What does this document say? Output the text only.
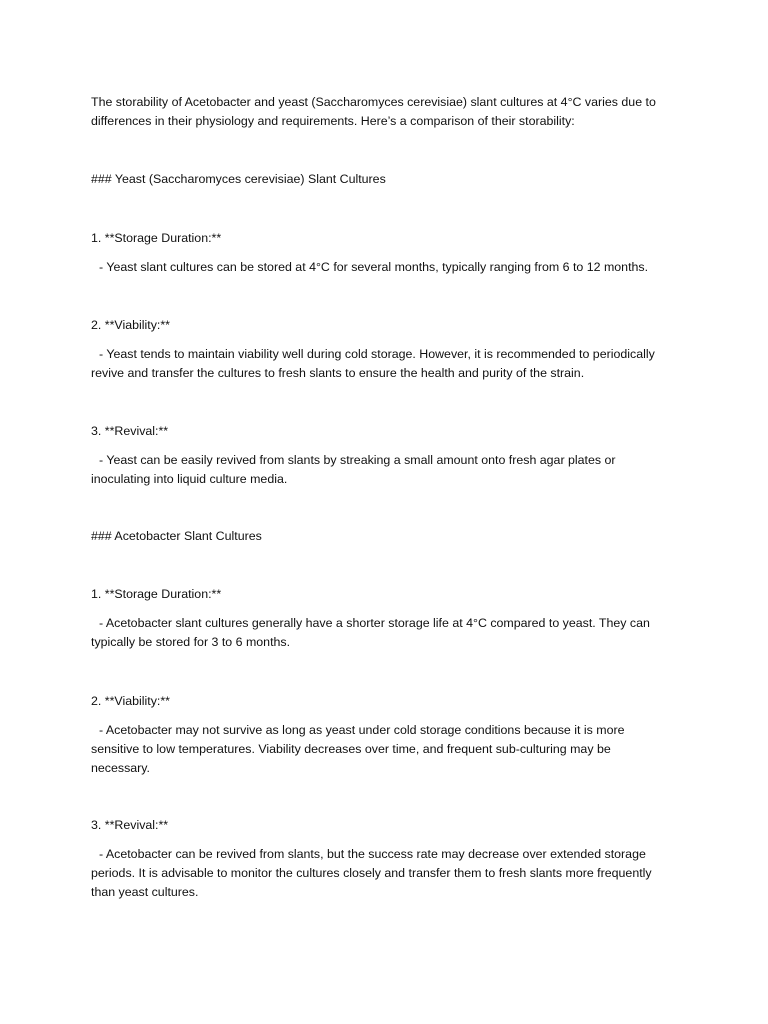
The storability of Acetobacter and yeast (Saccharomyces cerevisiae) slant cultures at 4°C varies due to
differences in their physiology and requirements. Here’s a comparison of their storability:
### Yeast (Saccharomyces cerevisiae) Slant Cultures
1. **Storage Duration:**
- Yeast slant cultures can be stored at 4°C for several months, typically ranging from 6 to 12 months.
2. **Viability:**
- Yeast tends to maintain viability well during cold storage. However, it is recommended to periodically
revive and transfer the cultures to fresh slants to ensure the health and purity of the strain.
3. **Revival:**
- Yeast can be easily revived from slants by streaking a small amount onto fresh agar plates or
inoculating into liquid culture media.
### Acetobacter Slant Cultures
1. **Storage Duration:**
- Acetobacter slant cultures generally have a shorter storage life at 4°C compared to yeast. They can
typically be stored for 3 to 6 months.
2. **Viability:**
- Acetobacter may not survive as long as yeast under cold storage conditions because it is more
sensitive to low temperatures. Viability decreases over time, and frequent sub-culturing may be
necessary.
3. **Revival:**
- Acetobacter can be revived from slants, but the success rate may decrease over extended storage
periods. It is advisable to monitor the cultures closely and transfer them to fresh slants more frequently
than yeast cultures.
